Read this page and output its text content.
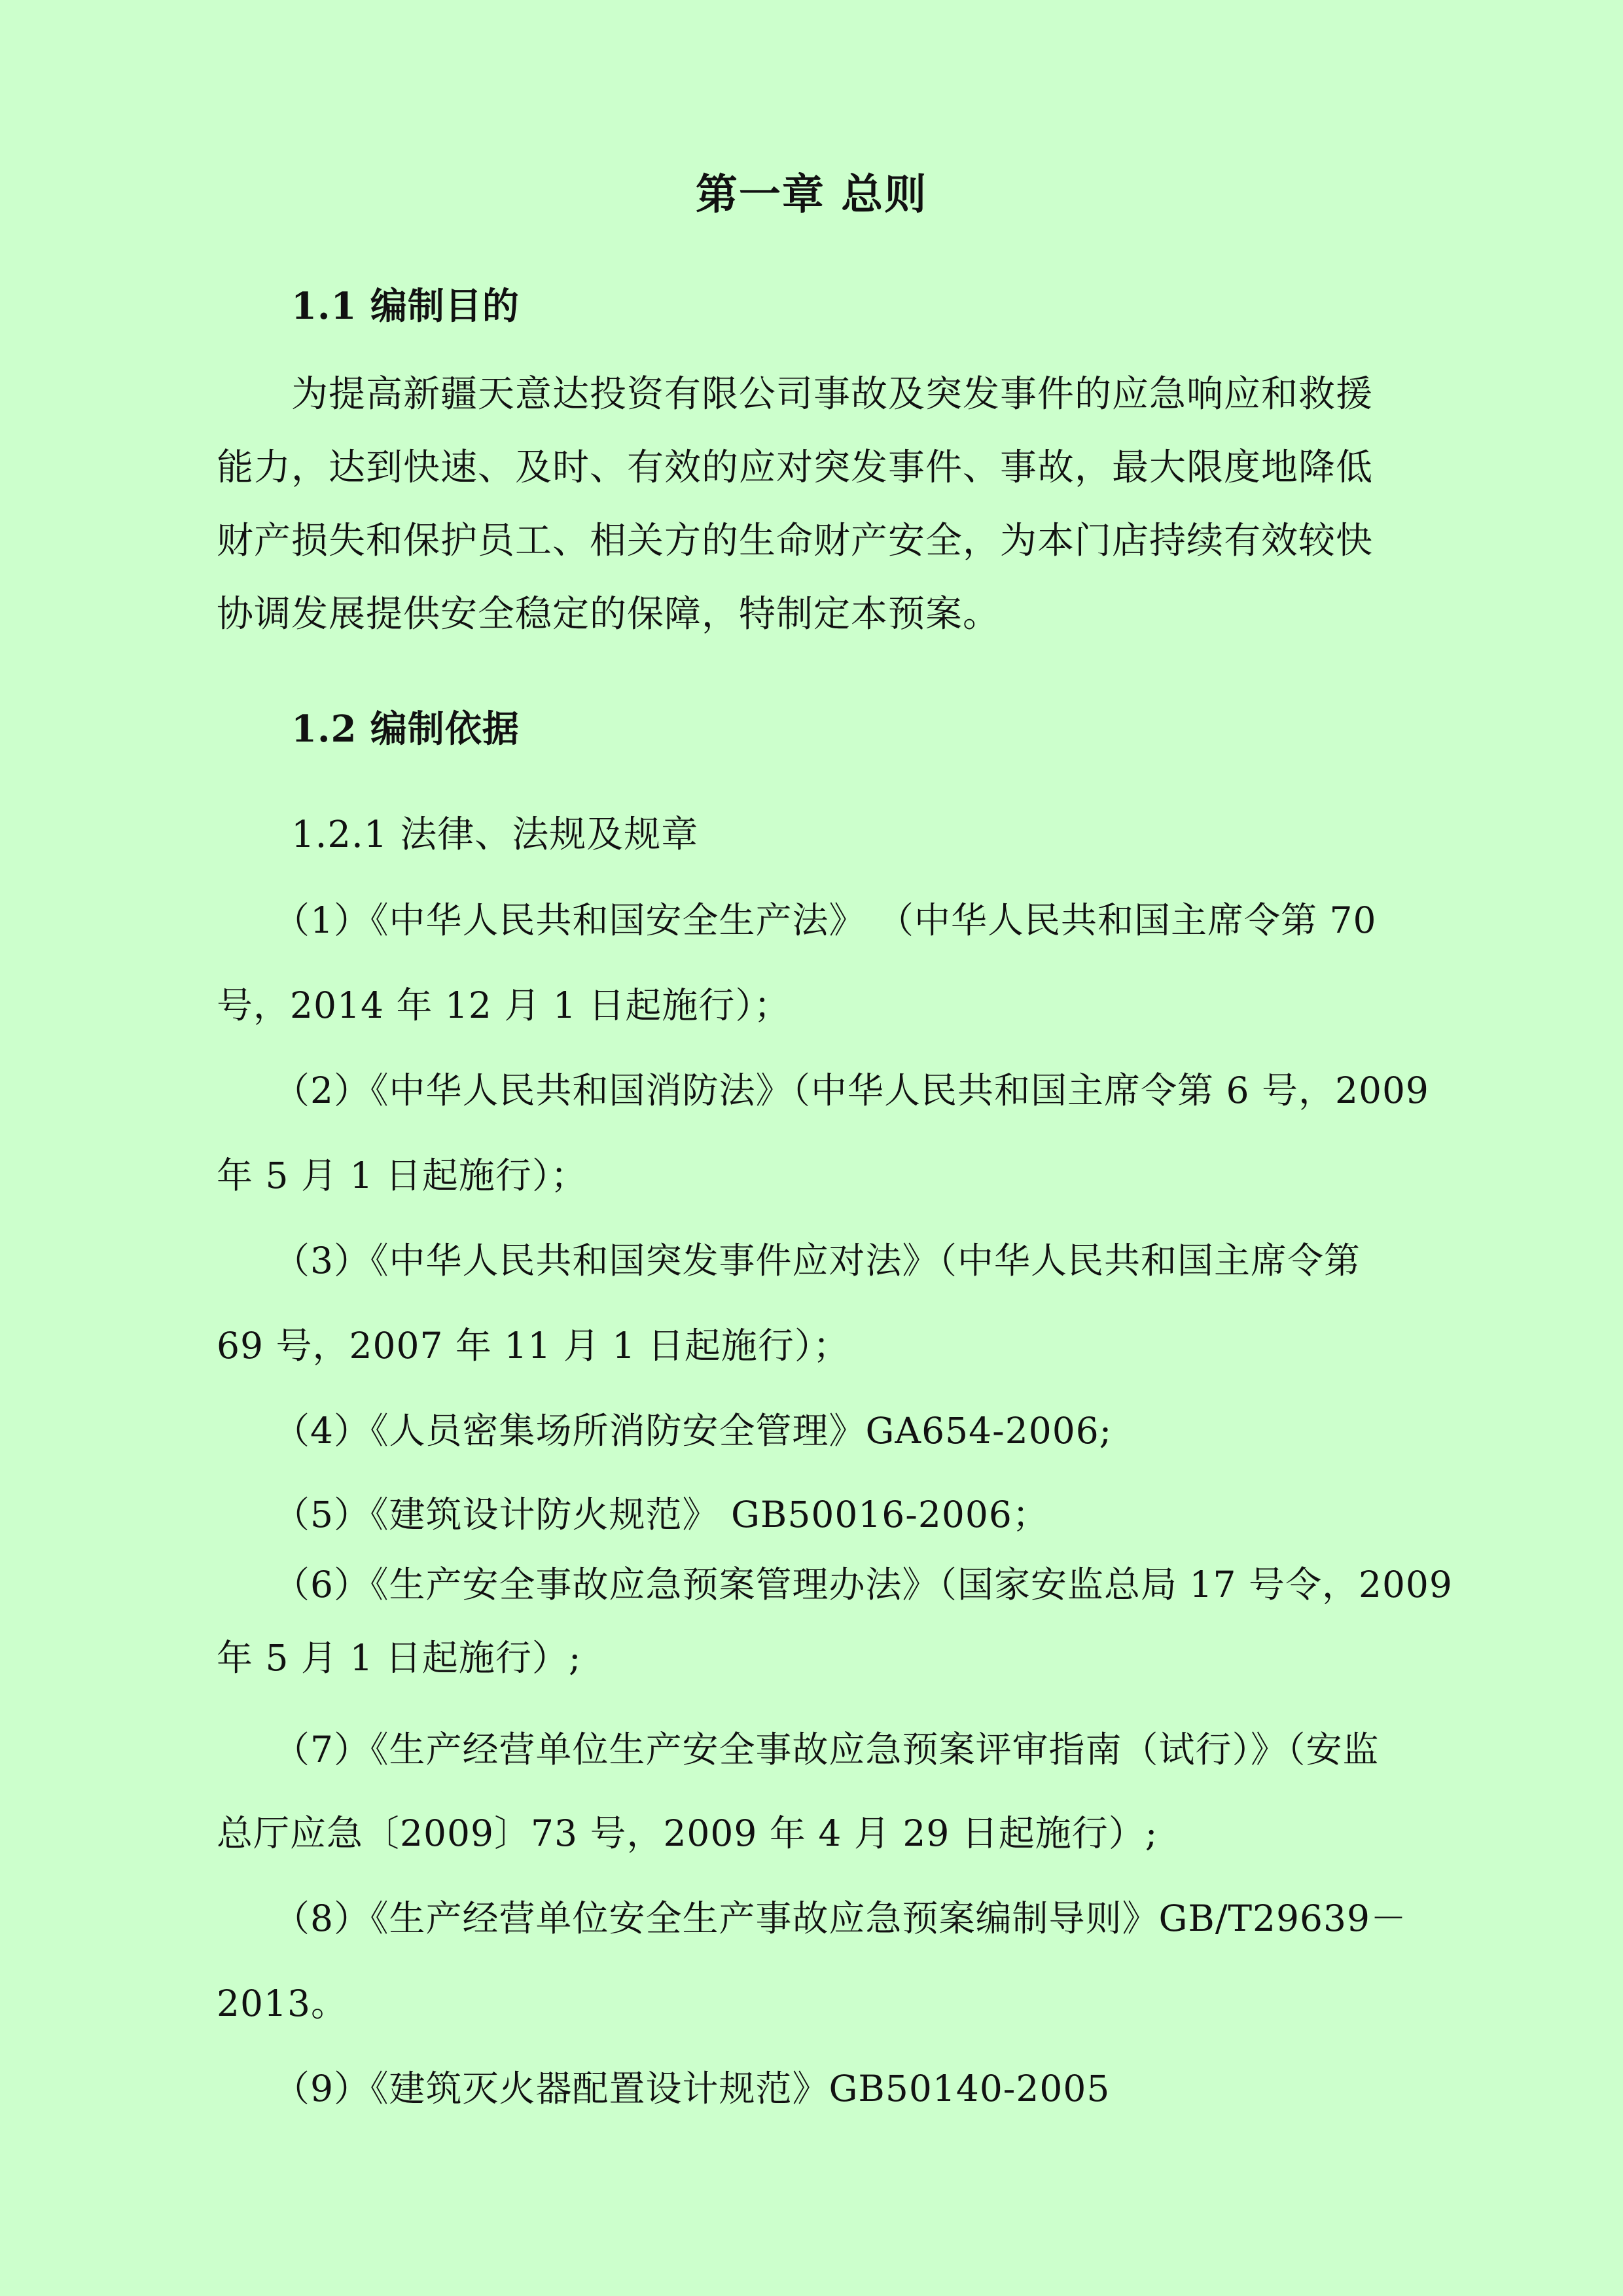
第一章 总则
1.1 编制目的
为提高新疆天意达投资有限公司事故及突发事件的应急响应和救援
能力，达到快速、及时、有效的应对突发事件、事故，最大限度地降低
财产损失和保护员工、相关方的生命财产安全，为本门店持续有效较快
协调发展提供安全稳定的保障，特制定本预案。
1.2 编制依据
1.2.1 法律、法规及规章
（1）《中华人民共和国安全生产法》 （中华人民共和国主席令第 70
号，2014 年 12 月 1 日起施行）；
（2）《中华人民共和国消防法》（中华人民共和国主席令第 6 号，2009
年 5 月 1 日起施行）；
（3）《中华人民共和国突发事件应对法》（中华人民共和国主席令第
69 号，2007 年 11 月 1 日起施行）；
（4）《人员密集场所消防安全管理》GA654-2006;
（5）《建筑设计防火规范》 GB50016-2006；
（6）《生产安全事故应急预案管理办法》（国家安监总局 17 号令，2009
年 5 月 1 日起施行）;
（7）《生产经营单位生产安全事故应急预案评审指南（试行）》（安监
总厅应急〔2009〕73 号，2009 年 4 月 29 日起施行）;
（8）《生产经营单位安全生产事故应急预案编制导则》GB/T29639－
2013。
（9）《建筑灭火器配置设计规范》GB50140-2005
